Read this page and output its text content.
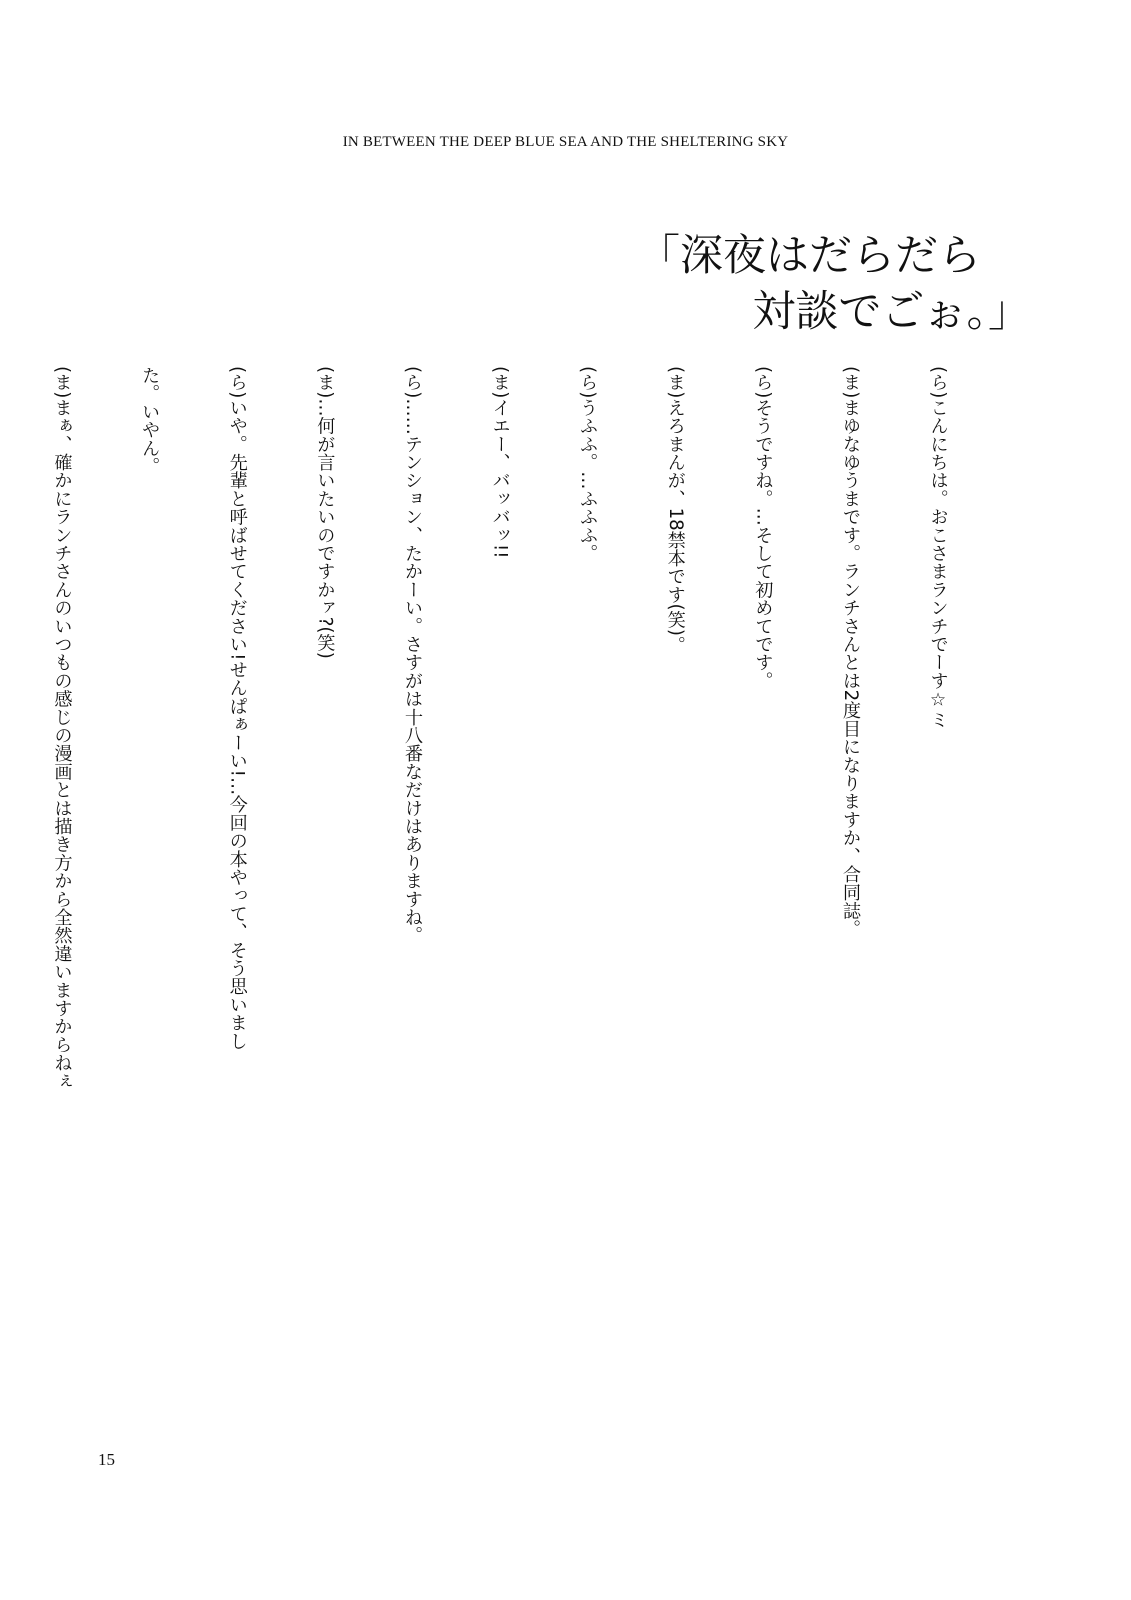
IN BETWEEN THE DEEP BLUE SEA AND THE SHELTERING SKY
「深夜はだらだら
対談でごぉ。」

(ら)こんにちは。おこさまランチでーす☆ミ

(ま)まゆなゆうまです。ランチさんとは2度目になりますか、合同誌。

(ら)そうですね。…そして初めてです。

(ま)えろまんが、18禁本です(笑)。

(ら)うふふ。…ふふふ。

(ま)イエー、バッバッ!!

(ら)……テンション、たかーい。さすがは十八番なだけはありますね。

(ま)…何が言いたいのですかァ?(笑)

(ら)いや。先輩と呼ばせてください!せんぱぁーい!…今回の本やって、そう思いまし

た。いやん。

(ま)まぁ、確かにランチさんのいつもの感じの漫画とは描き方から全然違いますからねぇ

15
